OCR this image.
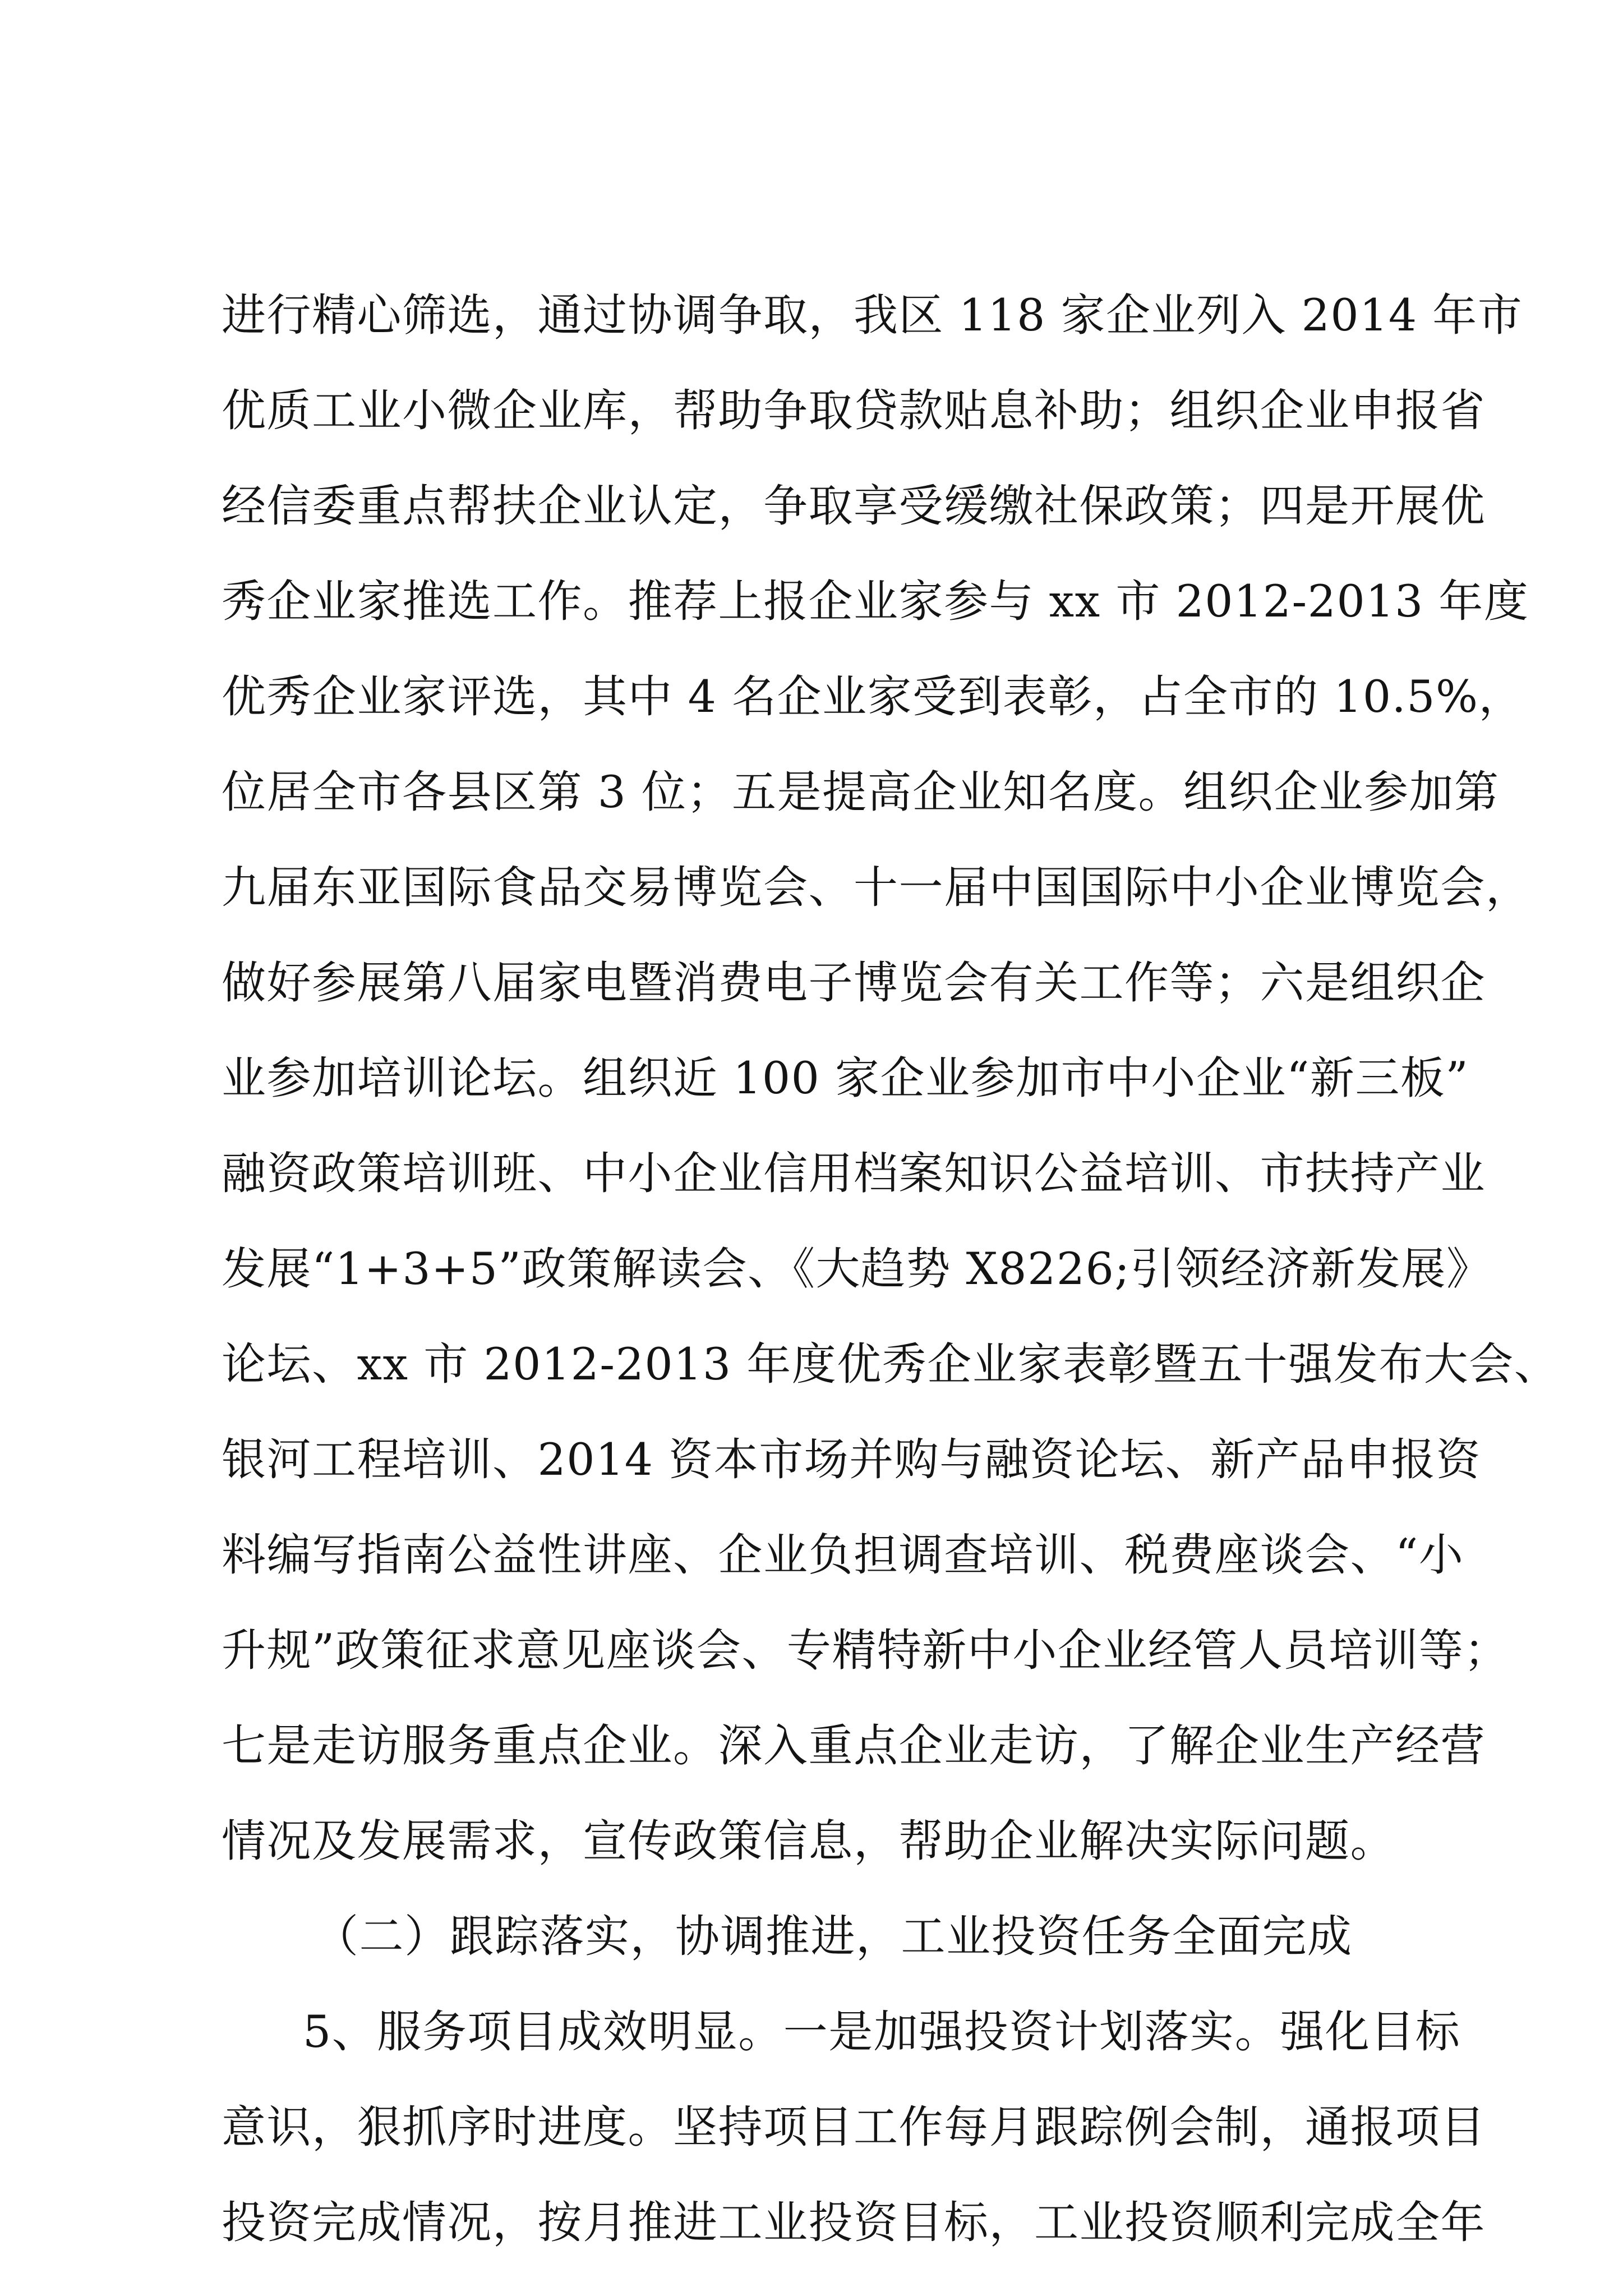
进行精心筛选，通过协调争取，我区 118 家企业列入 2014 年市

优质工业小微企业库，帮助争取贷款贴息补助；组织企业申报省

经信委重点帮扶企业认定，争取享受缓缴社保政策；四是开展优

秀企业家推选工作。推荐上报企业家参与 xx 市 2012-2013 年度

优秀企业家评选，其中 4 名企业家受到表彰，占全市的 10.5%，

位居全市各县区第 3 位；五是提高企业知名度。组织企业参加第

九届东亚国际食品交易博览会、十一届中国国际中小企业博览会，

做好参展第八届家电暨消费电子博览会有关工作等；六是组织企

业参加培训论坛。组织近 100 家企业参加市中小企业“新三板”

融资政策培训班、中小企业信用档案知识公益培训、市扶持产业

发展“1+3+5”政策解读会、《大趋势 X8226;引领经济新发展》

论坛、xx 市 2012-2013 年度优秀企业家表彰暨五十强发布大会、

银河工程培训、2014 资本市场并购与融资论坛、新产品申报资

料编写指南公益性讲座、企业负担调查培训、税费座谈会、“小

升规”政策征求意见座谈会、专精特新中小企业经管人员培训等；

七是走访服务重点企业。深入重点企业走访，了解企业生产经营

情况及发展需求，宣传政策信息，帮助企业解决实际问题。

（二）跟踪落实，协调推进，工业投资任务全面完成

5、服务项目成效明显。一是加强投资计划落实。强化目标

意识，狠抓序时进度。坚持项目工作每月跟踪例会制，通报项目

投资完成情况，按月推进工业投资目标，工业投资顺利完成全年
